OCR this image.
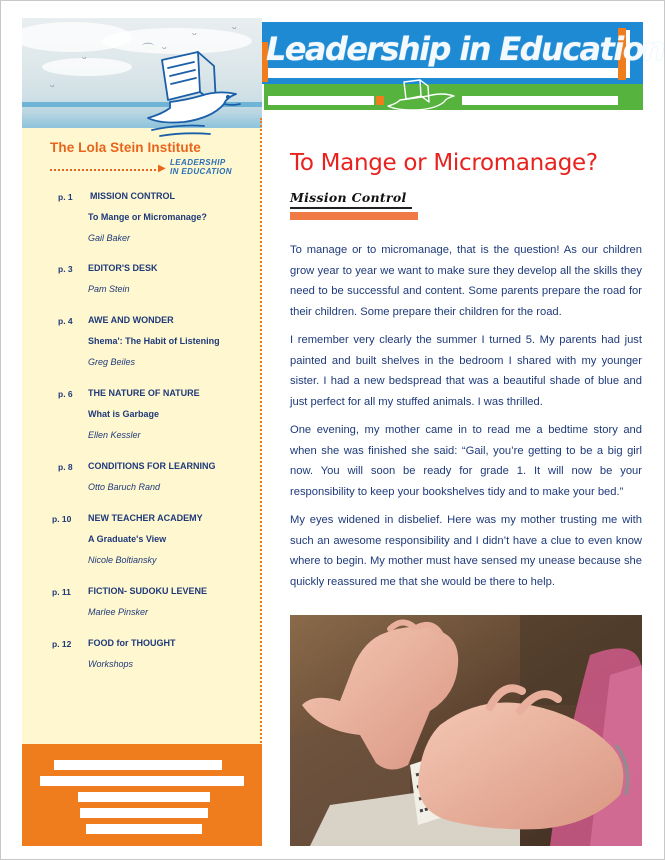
⌒ ᵕ
ᵕ	ᵕ
ᵕ
ᵕ
The Lola Stein Institute
▶
LEADERSHIP
IN EDUCATION
p. 1 MISSION CONTROL
To Mange or Micromanage?
Gail Baker
p. 3 EDITOR'S DESK
Pam Stein
p. 4 AWE AND WONDER
Shema': The Habit of Listening
Greg Beiles
p. 6 THE NATURE OF NATURE
What is Garbage
Ellen Kessler
p. 8 CONDITIONS FOR LEARNING
Otto Baruch Rand
p. 10 NEW TEACHER ACADEMY
A Graduate's View
Nicole Boltiansky
p. 11 FICTION- SUDOKU LEVENE
Marlee Pinsker
p. 12 FOOD for THOUGHT
Workshops
Leadership in Education
To Mange or Micromanage?
Mission Control

To manage or to micromanage, that is the question! As our children grow year to year we want to make sure they develop all the skills they need to be successful and content. Some parents prepare the road for their children. Some prepare their children for the road.

I remember very clearly the summer I turned 5. My parents had just painted and built shelves in the bedroom I shared with my younger sister. I had a new bedspread that was a beautiful shade of blue and just perfect for all my stuffed animals. I was thrilled.

One evening, my mother came in to read me a bedtime story and when she was finished she said: “Gail, you’re getting to be a big girl now. You will soon be ready for grade 1. It will now be your responsibility to keep your bookshelves tidy and to make your bed.”

My eyes widened in disbelief. Here was my mother trusting me with such an awesome responsibility and I didn’t have a clue to even know where to begin. My mother must have sensed my unease because she quickly reassured me that she would be there to help.
